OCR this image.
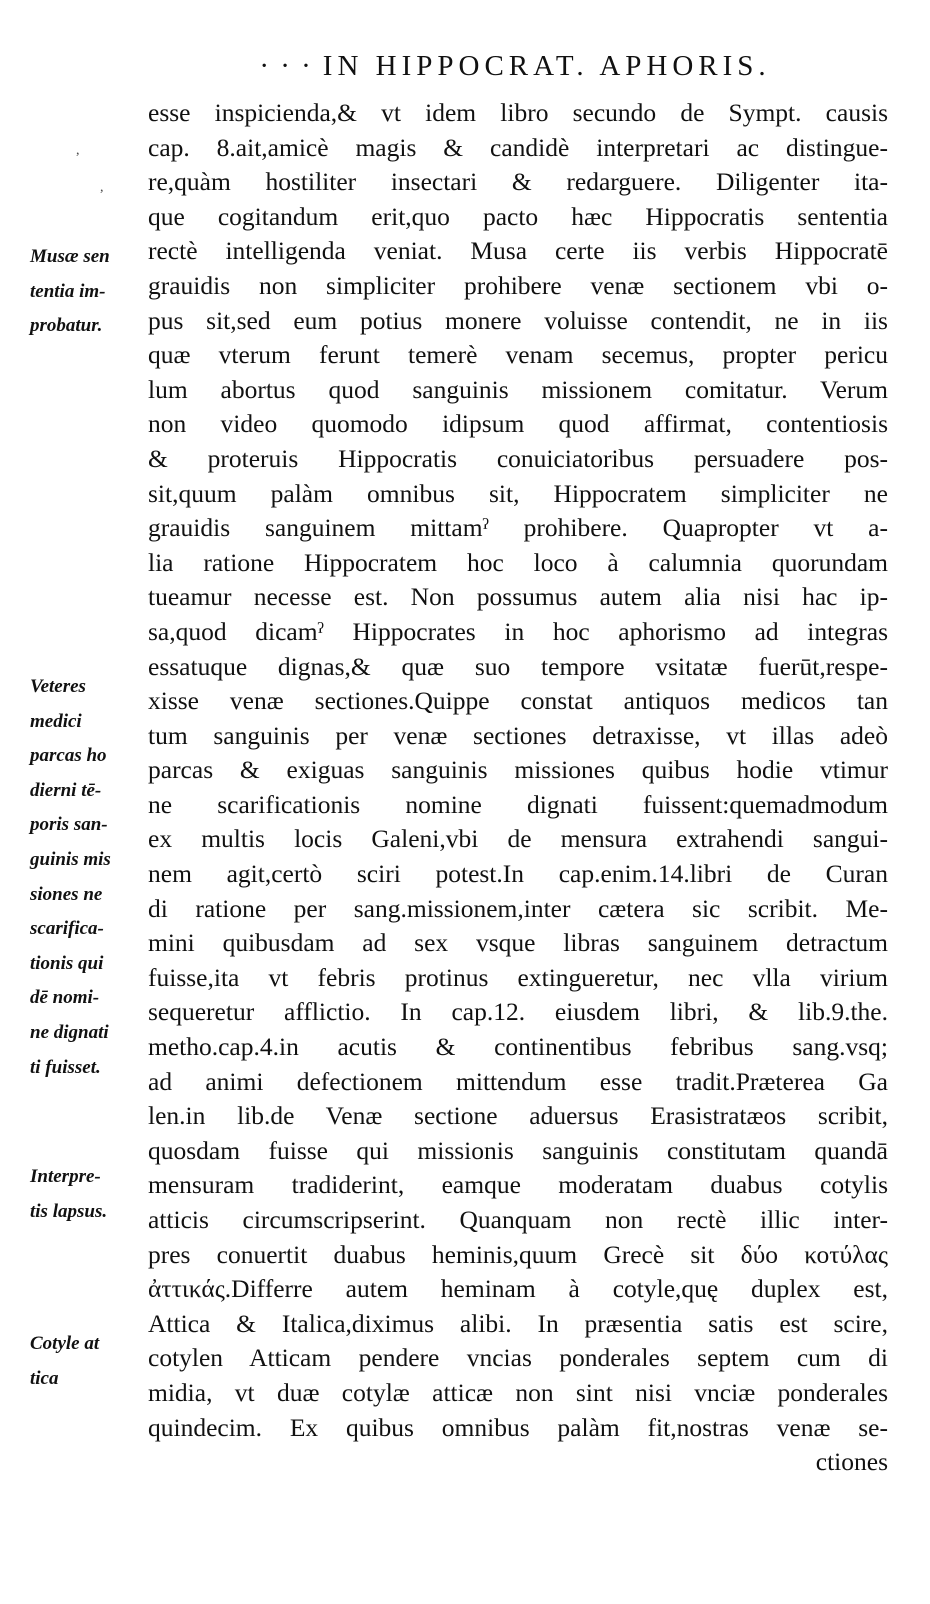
· · · IN HIPPOCRAT. APHORIS.
,
,
esse inspicienda,& vt idem libro secundo de Sympt. causis
cap. 8.ait,amicè magis & candidè interpretari ac distingue-
re,quàm hostiliter insectari & redarguere. Diligenter ita-
que cogitandum erit,quo pacto hæc Hippocratis sententia
rectè intelligenda veniat. Musa certe iis verbis Hippocratē
grauidis non simpliciter prohibere venæ sectionem vbi o-
pus sit,sed eum potius monere voluisse contendit, ne in iis
quæ vterum ferunt temerè venam secemus, propter pericu
lum abortus quod sanguinis missionem comitatur. Verum
non video quomodo idipsum quod affirmat, contentiosis
& proteruis Hippocratis conuiciatoribus persuadere pos-
sit,quum palàm omnibus sit, Hippocratem simpliciter ne
grauidis sanguinem mittamˀ prohibere. Quapropter vt a-
lia ratione Hippocratem hoc loco à calumnia quorundam
tueamur necesse est. Non possumus autem alia nisi hac ip-
sa,quod dicamˀ Hippocrates in hoc aphorismo ad integras
essatuque dignas,& quæ suo tempore vsitatæ fuerūt,respe-
xisse venæ sectiones.Quippe constat antiquos medicos tan
tum sanguinis per venæ sectiones detraxisse, vt illas adeò
parcas & exiguas sanguinis missiones quibus hodie vtimur
ne scarificationis nomine dignati fuissent:quemadmodum
ex multis locis Galeni,vbi de mensura extrahendi sangui-
nem agit,certò sciri potest.In cap.enim.14.libri de Curan
di ratione per sang.missionem,inter cætera sic scribit. Me-
mini quibusdam ad sex vsque libras sanguinem detractum
fuisse,ita vt febris protinus extingueretur, nec vlla virium
sequeretur afflictio. In cap.12. eiusdem libri, & lib.9.the.
metho.cap.4.in acutis & continentibus febribus sang.vsq;
ad animi defectionem mittendum esse tradit.Præterea Ga
len.in lib.de Venæ sectione aduersus Erasistratæos scribit,
quosdam fuisse qui missionis sanguinis constitutam quandā
mensuram tradiderint, eamque moderatam duabus cotylis
atticis circumscripserint. Quanquam non rectè illic inter-
pres conuertit duabus heminis,quum Grecè sit δύο κοτύλας
ἀττικάς.Differre autem heminam à cotyle,quę duplex est,
Attica & Italica,diximus alibi. In præsentia satis est scire,
cotylen Atticam pendere vncias ponderales septem cum di
midia, vt duæ cotylæ atticæ non sint nisi vnciæ ponderales
quindecim. Ex quibus omnibus palàm fit,nostras venæ se-
ctiones
Musæ sen
tentia im-
probatur.
Veteres
medici
parcas ho
dierni tē-
poris san-
guinis mis
siones ne
scarifica-
tionis qui
dē nomi-
ne dignati
ti fuisset.
Interpre-
tis lapsus.
Cotyle at
tica
